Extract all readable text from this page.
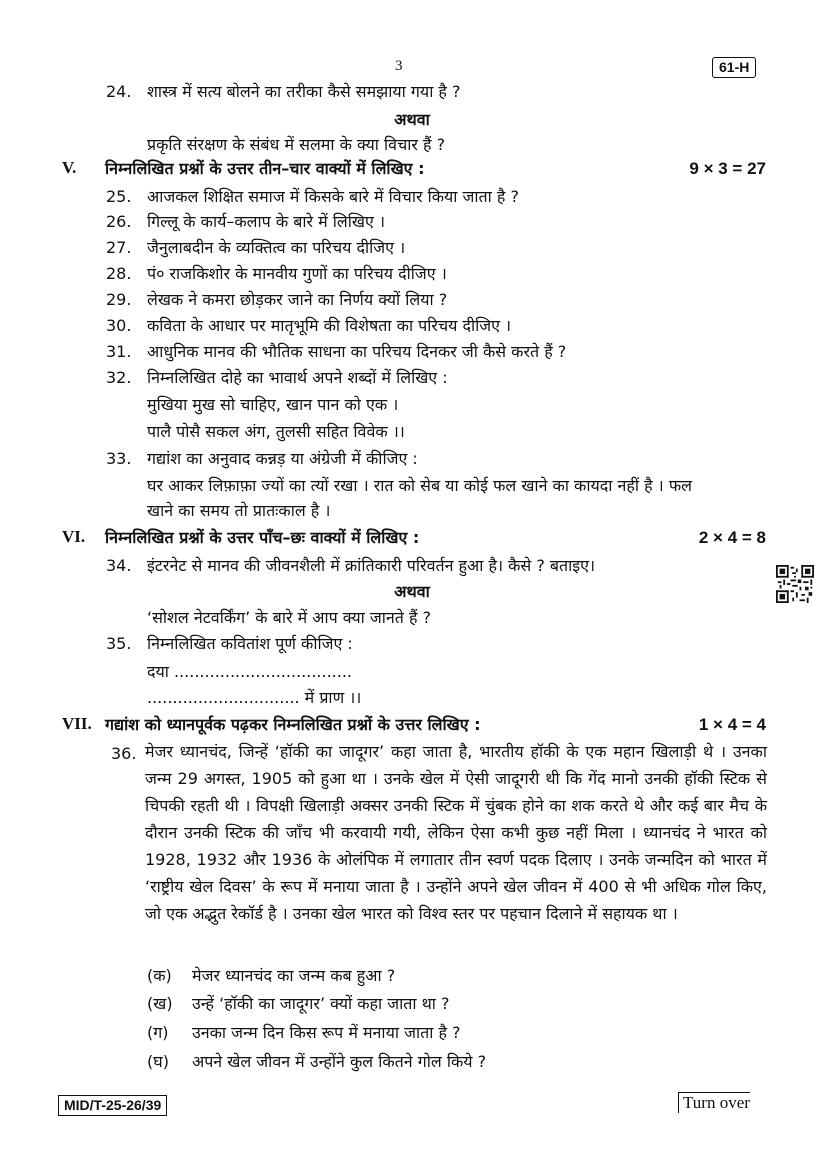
3	61-H
24. शास्त्र में सत्य बोलने का तरीका कैसे समझाया गया है ?
अथवा
प्रकृति संरक्षण के संबंध में सलमा के क्या विचार हैं ?
V. निम्नलिखित प्रश्नों के उत्तर तीन–चार वाक्यों में लिखिए :	9 × 3 = 27
25. आजकल शिक्षित समाज में किसके बारे में विचार किया जाता है ?
26. गिल्लू के कार्य–कलाप के बारे में लिखिए ।
27. जैनुलाबदीन के व्यक्तित्व का परिचय दीजिए ।
28. पं० राजकिशोर के मानवीय गुणों का परिचय दीजिए ।
29. लेखक ने कमरा छोड़कर जाने का निर्णय क्यों लिया ?
30. कविता के आधार पर मातृभूमि की विशेषता का परिचय दीजिए ।
31. आधुनिक मानव की भौतिक साधना का परिचय दिनकर जी कैसे करते हैं ?
32. निम्नलिखित दोहे का भावार्थ अपने शब्दों में लिखिए :
मुखिया मुख सो चाहिए, खान पान को एक ।
पालै पोसै सकल अंग, तुलसी सहित विवेक ।।
33. गद्यांश का अनुवाद कन्नड़ या अंग्रेजी में कीजिए :
घर आकर लिफ़ाफ़ा ज्यों का त्यों रखा । रात को सेब या कोई फल खाने का कायदा नहीं है । फल
खाने का समय तो प्रातःकाल है ।
VI. निम्नलिखित प्रश्नों के उत्तर पाँच–छः वाक्यों में लिखिए :	2 × 4 = 8
34. इंटरनेट से मानव की जीवनशैली में क्रांतिकारी परिवर्तन हुआ है। कैसे ? बताइए।
अथवा
‘सोशल नेटवर्किंग’ के बारे में आप क्या जानते हैं ?
35. निम्नलिखित कवितांश पूर्ण कीजिए :
दया ...................................
.............................. में प्राण ।।
VII. गद्यांश को ध्यानपूर्वक पढ़कर निम्नलिखित प्रश्नों के उत्तर लिखिए :	1 × 4 = 4
36. मेजर ध्यानचंद, जिन्हें ‘हॉकी का जादूगर’ कहा जाता है, भारतीय हॉकी के एक महान खिलाड़ी थे । उनका जन्म 29 अगस्त, 1905 को हुआ था । उनके खेल में ऐसी जादूगरी थी कि गेंद मानो उनकी हॉकी स्टिक से चिपकी रहती थी । विपक्षी खिलाड़ी अक्सर उनकी स्टिक में चुंबक होने का शक करते थे और कई बार मैच के दौरान उनकी स्टिक की जाँच भी करवायी गयी, लेकिन ऐसा कभी कुछ नहीं मिला । ध्यानचंद ने भारत को 1928, 1932 और 1936 के ओलंपिक में लगातार तीन स्वर्ण पदक दिलाए । उनके जन्मदिन को भारत में ‘राष्ट्रीय खेल दिवस’ के रूप में मनाया जाता है । उन्होंने अपने खेल जीवन में 400 से भी अधिक गोल किए, जो एक अद्भुत रेकॉर्ड है । उनका खेल भारत को विश्व स्तर पर पहचान दिलाने में सहायक था ।
(क) मेजर ध्यानचंद का जन्म कब हुआ ?
(ख) उन्हें ‘हॉकी का जादूगर’ क्यों कहा जाता था ?
(ग) उनका जन्म दिन किस रूप में मनाया जाता है ?
(घ) अपने खेल जीवन में उन्होंने कुल कितने गोल किये ?
MID/T-25-26/39	Turn over
